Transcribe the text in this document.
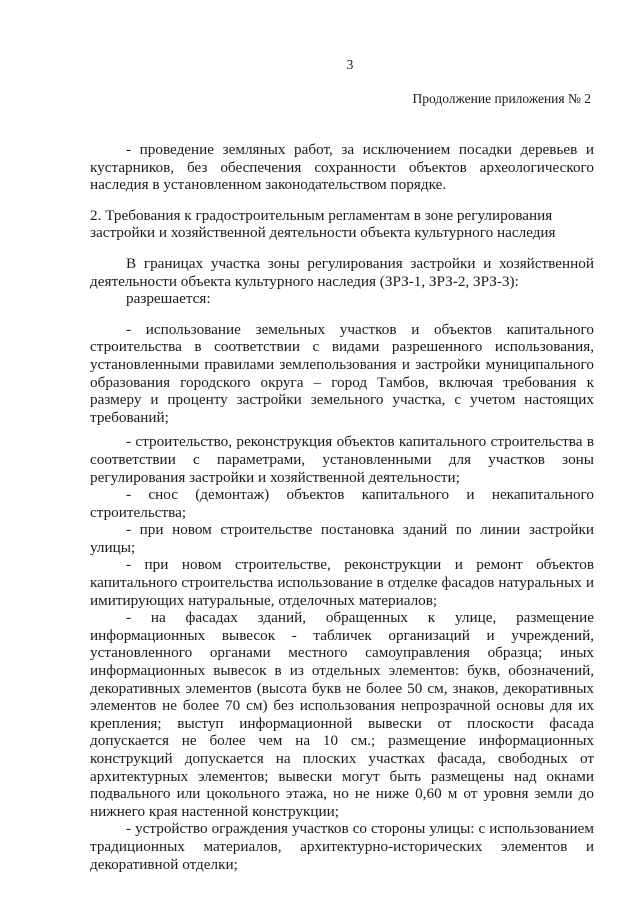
3
Продолжение приложения № 2

- проведение земляных работ, за исключением посадки деревьев и кустарников, без обеспечения сохранности объектов археологического наследия в установленном законодательством порядке.

2. Требования к градостроительным регламентам в зоне регулирования

застройки и хозяйственной деятельности объекта культурного наследия

В границах участка зоны регулирования застройки и хозяйственной деятельности объекта культурного наследия (ЗРЗ-1, ЗРЗ-2, ЗРЗ-3):

разрешается:

- использование земельных участков и объектов капитального строительства в соответствии с видами разрешенного использования, установленными правилами землепользования и застройки муниципального образования городского округа – город Тамбов, включая требования к размеру и проценту застройки земельного участка, с учетом настоящих требований;

- строительство, реконструкция объектов капитального строительства в соответствии с параметрами, установленными для участков зоны регулирования застройки и хозяйственной деятельности;

- снос (демонтаж) объектов капитального и некапитального строительства;

- при новом строительстве постановка зданий по линии застройки улицы;

- при новом строительстве, реконструкции и ремонт объектов капитального строительства использование в отделке фасадов натуральных и имитирующих натуральные, отделочных материалов;

- на фасадах зданий, обращенных к улице, размещение информационных вывесок - табличек организаций и учреждений, установленного органами местного самоуправления образца; иных информационных вывесок в из отдельных элементов: букв, обозначений, декоративных элементов (высота букв не более 50 см, знаков, декоративных элементов не более 70 см) без использования непрозрачной основы для их крепления; выступ информационной вывески от плоскости фасада допускается не более чем на 10 см.; размещение информационных конструкций допускается на плоских участках фасада, свободных от архитектурных элементов; вывески могут быть размещены над окнами подвального или цокольного этажа, но не ниже 0,60 м от уровня земли до нижнего края настенной конструкции;

- устройство ограждения участков со стороны улицы: с использованием традиционных материалов, архитектурно-исторических элементов и декоративной отделки;
